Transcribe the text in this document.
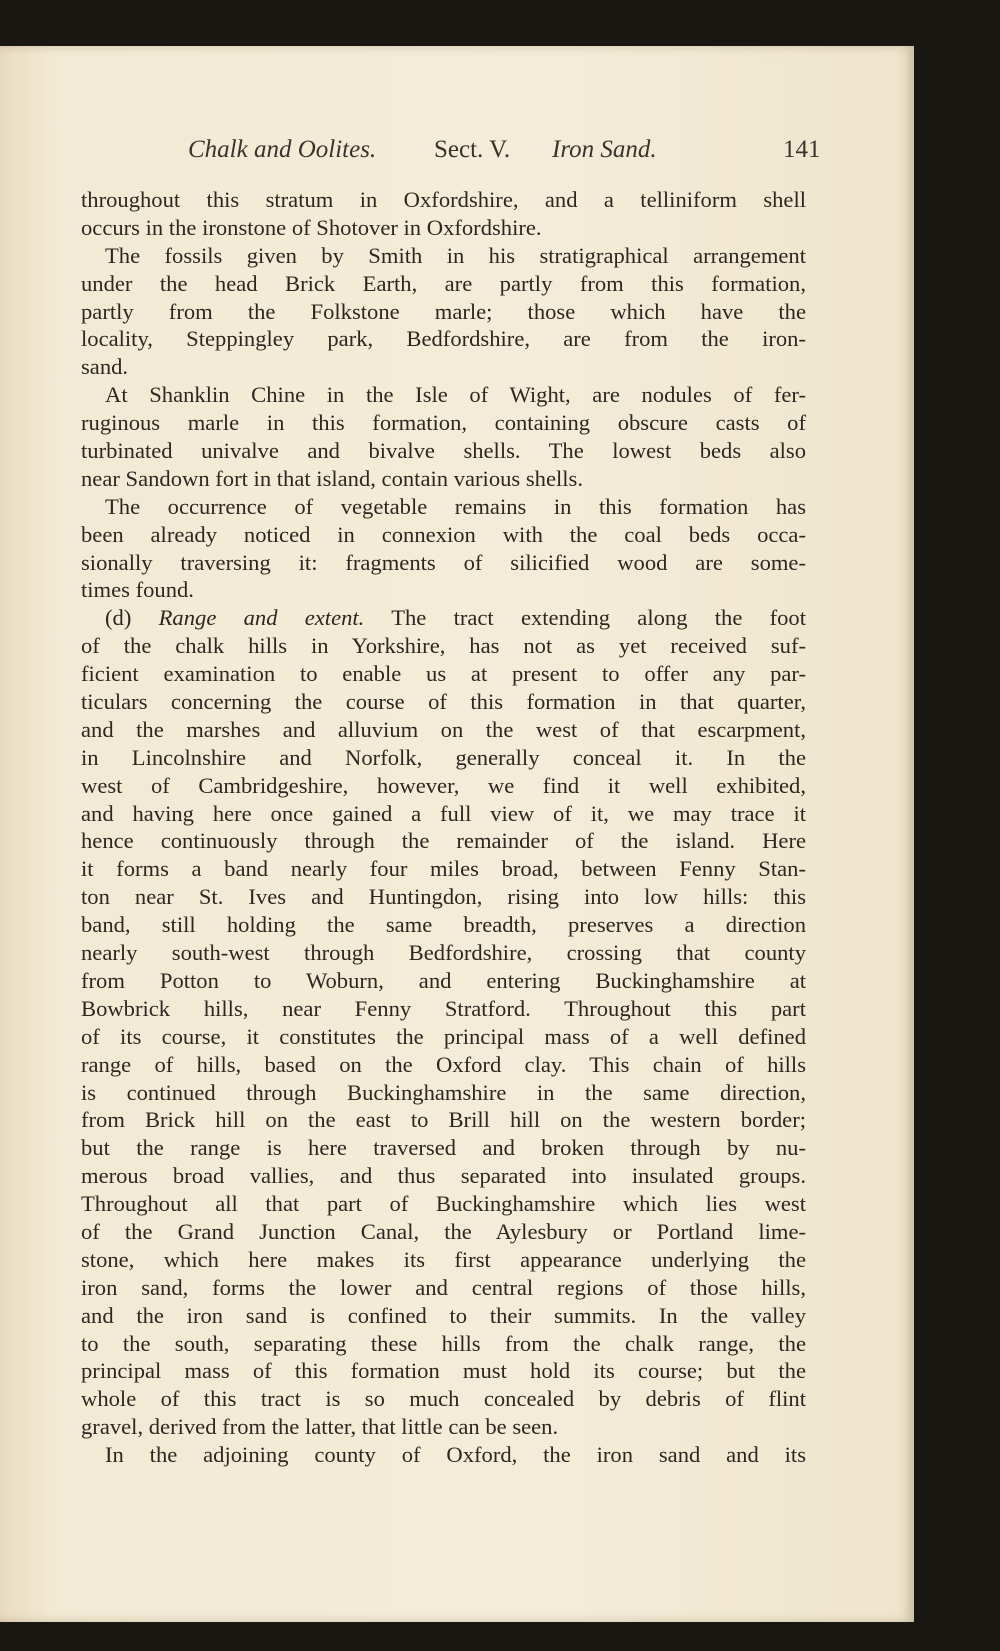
Chalk and Oolites. Sect. V. Iron Sand.	141
throughout this stratum in Oxfordshire, and a telliniform shell
occurs in the ironstone of Shotover in Oxfordshire.
The fossils given by Smith in his stratigraphical arrangement
under the head Brick Earth, are partly from this formation,
partly from the Folkstone marle; those which have the
locality, Steppingley park, Bedfordshire, are from the iron-
sand.
At Shanklin Chine in the Isle of Wight, are nodules of fer-
ruginous marle in this formation, containing obscure casts of
turbinated univalve and bivalve shells. The lowest beds also
near Sandown fort in that island, contain various shells.
The occurrence of vegetable remains in this formation has
been already noticed in connexion with the coal beds occa-
sionally traversing it: fragments of silicified wood are some-
times found.
(d) Range and extent. The tract extending along the foot
of the chalk hills in Yorkshire, has not as yet received suf-
ficient examination to enable us at present to offer any par-
ticulars concerning the course of this formation in that quarter,
and the marshes and alluvium on the west of that escarpment,
in Lincolnshire and Norfolk, generally conceal it. In the
west of Cambridgeshire, however, we find it well exhibited,
and having here once gained a full view of it, we may trace it
hence continuously through the remainder of the island. Here
it forms a band nearly four miles broad, between Fenny Stan-
ton near St. Ives and Huntingdon, rising into low hills: this
band, still holding the same breadth, preserves a direction
nearly south-west through Bedfordshire, crossing that county
from Potton to Woburn, and entering Buckinghamshire at
Bowbrick hills, near Fenny Stratford. Throughout this part
of its course, it constitutes the principal mass of a well defined
range of hills, based on the Oxford clay. This chain of hills
is continued through Buckinghamshire in the same direction,
from Brick hill on the east to Brill hill on the western border;
but the range is here traversed and broken through by nu-
merous broad vallies, and thus separated into insulated groups.
Throughout all that part of Buckinghamshire which lies west
of the Grand Junction Canal, the Aylesbury or Portland lime-
stone, which here makes its first appearance underlying the
iron sand, forms the lower and central regions of those hills,
and the iron sand is confined to their summits. In the valley
to the south, separating these hills from the chalk range, the
principal mass of this formation must hold its course; but the
whole of this tract is so much concealed by debris of flint
gravel, derived from the latter, that little can be seen.
In the adjoining county of Oxford, the iron sand and its
